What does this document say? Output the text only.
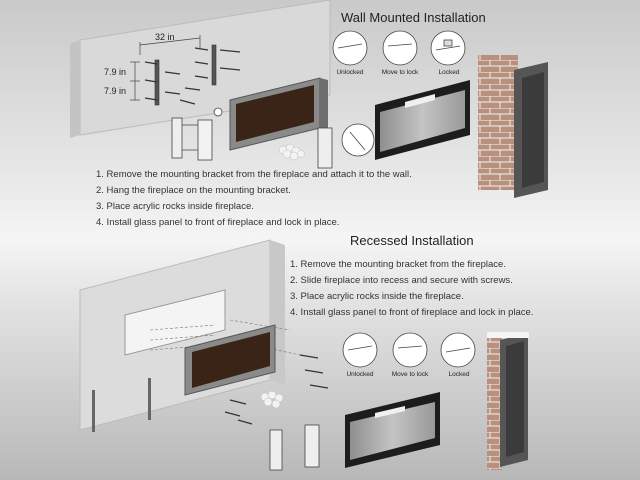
Wall Mounted Installation
32 in
7.9 in
7.9 in
Unlocked	Move to lock	Locked
1. Remove the mounting bracket from the fireplace and attach it to the wall.
2. Hang the fireplace on the mounting bracket.
3. Place acrylic rocks inside fireplace.
4. Install glass panel to front of fireplace and lock in place.
Recessed Installation
1. Remove the mounting bracket from the fireplace.
2. Slide fireplace into recess and secure with screws.
3. Place acrylic rocks inside the fireplace.
4. Install glass panel to front of fireplace and lock in place.
Unlocked	Move to lock	Locked
